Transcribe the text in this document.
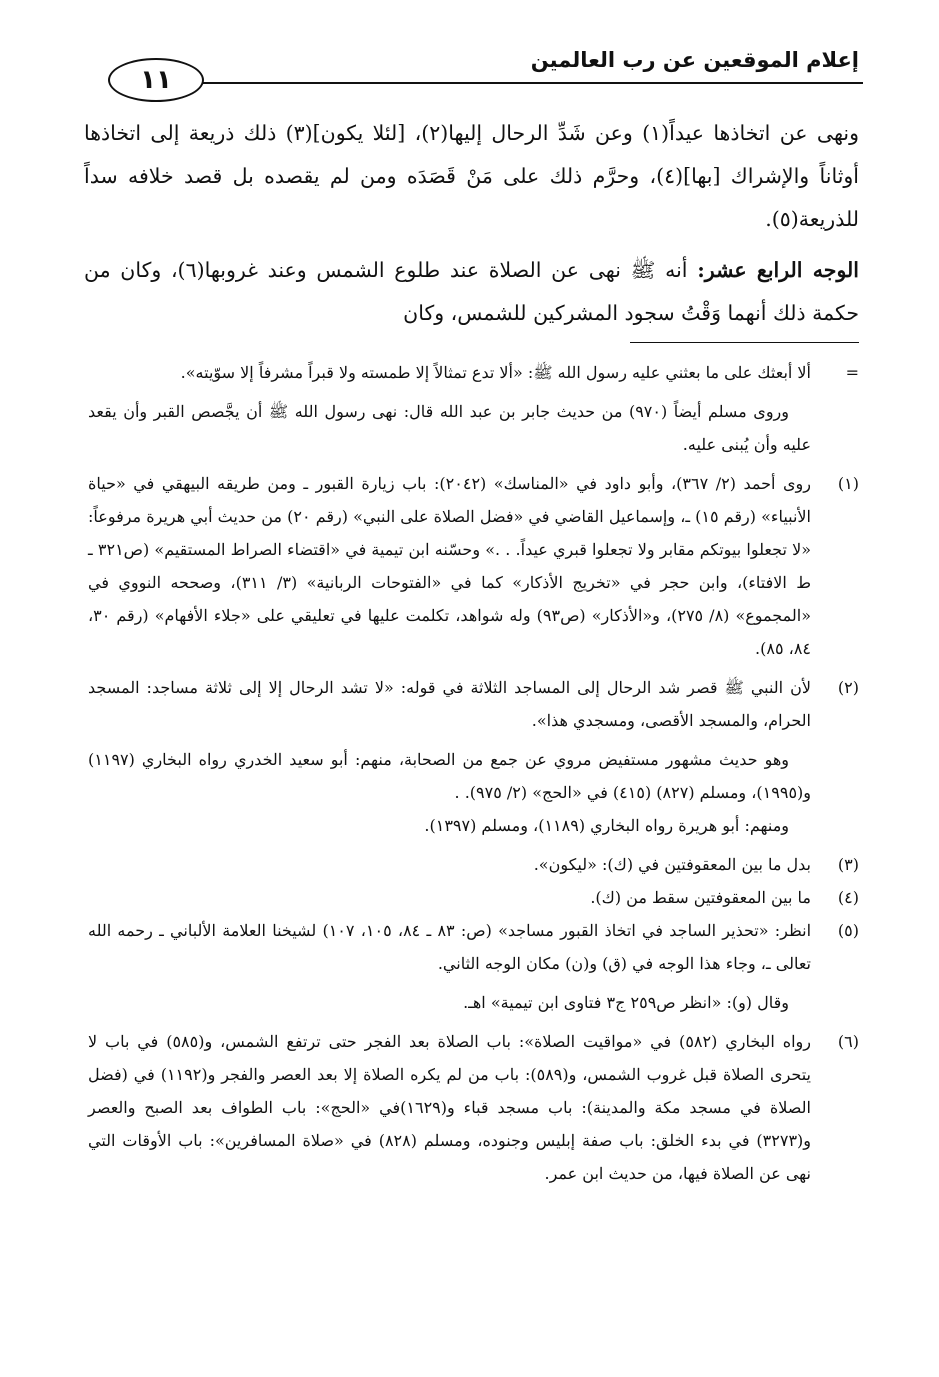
إعلام الموقعين عن رب العالمين
١١

ونهى عن اتخاذها عيداً(١) وعن شَدِّ الرحال إليها(٢)، [لئلا يكون](٣) ذلك ذريعة إلى اتخاذها أوثاناً والإشراك [بها](٤)، وحرَّم ذلك على مَنْ قَصَدَه ومن لم يقصده بل قصد خلافه سداً للذريعة(٥).

الوجه الرابع عشر: أنه ﷺ نهى عن الصلاة عند طلوع الشمس وعند غروبها(٦)، وكان من حكمة ذلك أنهما وَقْتُ سجود المشركين للشمس، وكان

=

ألا أبعثك على ما بعثني عليه رسول الله ﷺ: «ألا تدع تمثالاً إلا طمسته ولا قبراً مشرفاً إلا سوّيته».

وروى مسلم أيضاً (٩٧٠) من حديث جابر بن عبد الله قال: نهى رسول الله ﷺ أن يجَّصص القبر وأن يقعد عليه وأن يُبنى عليه.

(١)

روى أحمد (٢/ ٣٦٧)، وأبو داود في «المناسك» (٢٠٤٢): باب زيارة القبور ـ ومن طريقه البيهقي في «حياة الأنبياء» (رقم ١٥) ـ، وإسماعيل القاضي في «فضل الصلاة على النبي» (رقم ٢٠) من حديث أبي هريرة مرفوعاً: «لا تجعلوا بيوتكم مقابر ولا تجعلوا قبري عيداً. . .» وحسّنه ابن تيمية في «اقتضاء الصراط المستقيم» (ص٣٢١ ـ ط الافتاء)، وابن حجر في «تخريج الأذكار» كما في «الفتوحات الربانية» (٣/ ٣١١)، وصححه النووي في «المجموع» (٨/ ٢٧٥)، و«الأذكار» (ص٩٣) وله شواهد، تكلمت عليها في تعليقي على «جلاء الأفهام» (رقم ٣٠، ٨٤، ٨٥).

(٢)

لأن النبي ﷺ قصر شد الرحال إلى المساجد الثلاثة في قوله: «لا تشد الرحال إلا إلى ثلاثة مساجد: المسجد الحرام، والمسجد الأقصى، ومسجدي هذا».

وهو حديث مشهور مستفيض مروي عن جمع من الصحابة، منهم: أبو سعيد الخدري رواه البخاري (١١٩٧) و(١٩٩٥)، ومسلم (٨٢٧) (٤١٥) في «الحج» (٢/ ٩٧٥). .

ومنهم: أبو هريرة رواه البخاري (١١٨٩)، ومسلم (١٣٩٧).

(٣)

بدل ما بين المعقوفتين في (ك): «ليكون».

(٤)

ما بين المعقوفتين سقط من (ك).

(٥)

انظر: «تحذير الساجد في اتخاذ القبور مساجد» (ص: ٨٣ ـ ٨٤، ١٠٥، ١٠٧) لشيخنا العلامة الألباني ـ رحمه الله تعالى ـ، وجاء هذا الوجه في (ق) و(ن) مكان الوجه الثاني.

وقال (و): «انظر ص٢٥٩ ج٣ فتاوى ابن تيمية» اهـ.

(٦)

رواه البخاري (٥٨٢) في «مواقيت الصلاة»: باب الصلاة بعد الفجر حتى ترتفع الشمس، و(٥٨٥) في باب لا يتحرى الصلاة قبل غروب الشمس، و(٥٨٩): باب من لم يكره الصلاة إلا بعد العصر والفجر و(١١٩٢) في (فضل الصلاة في مسجد مكة والمدينة): باب مسجد قباء و(١٦٢٩)في «الحج»: باب الطواف بعد الصبح والعصر و(٣٢٧٣) في بدء الخلق: باب صفة إبليس وجنوده، ومسلم (٨٢٨) في «صلاة المسافرين»: باب الأوقات التي نهى عن الصلاة فيها، من حديث ابن عمر.
